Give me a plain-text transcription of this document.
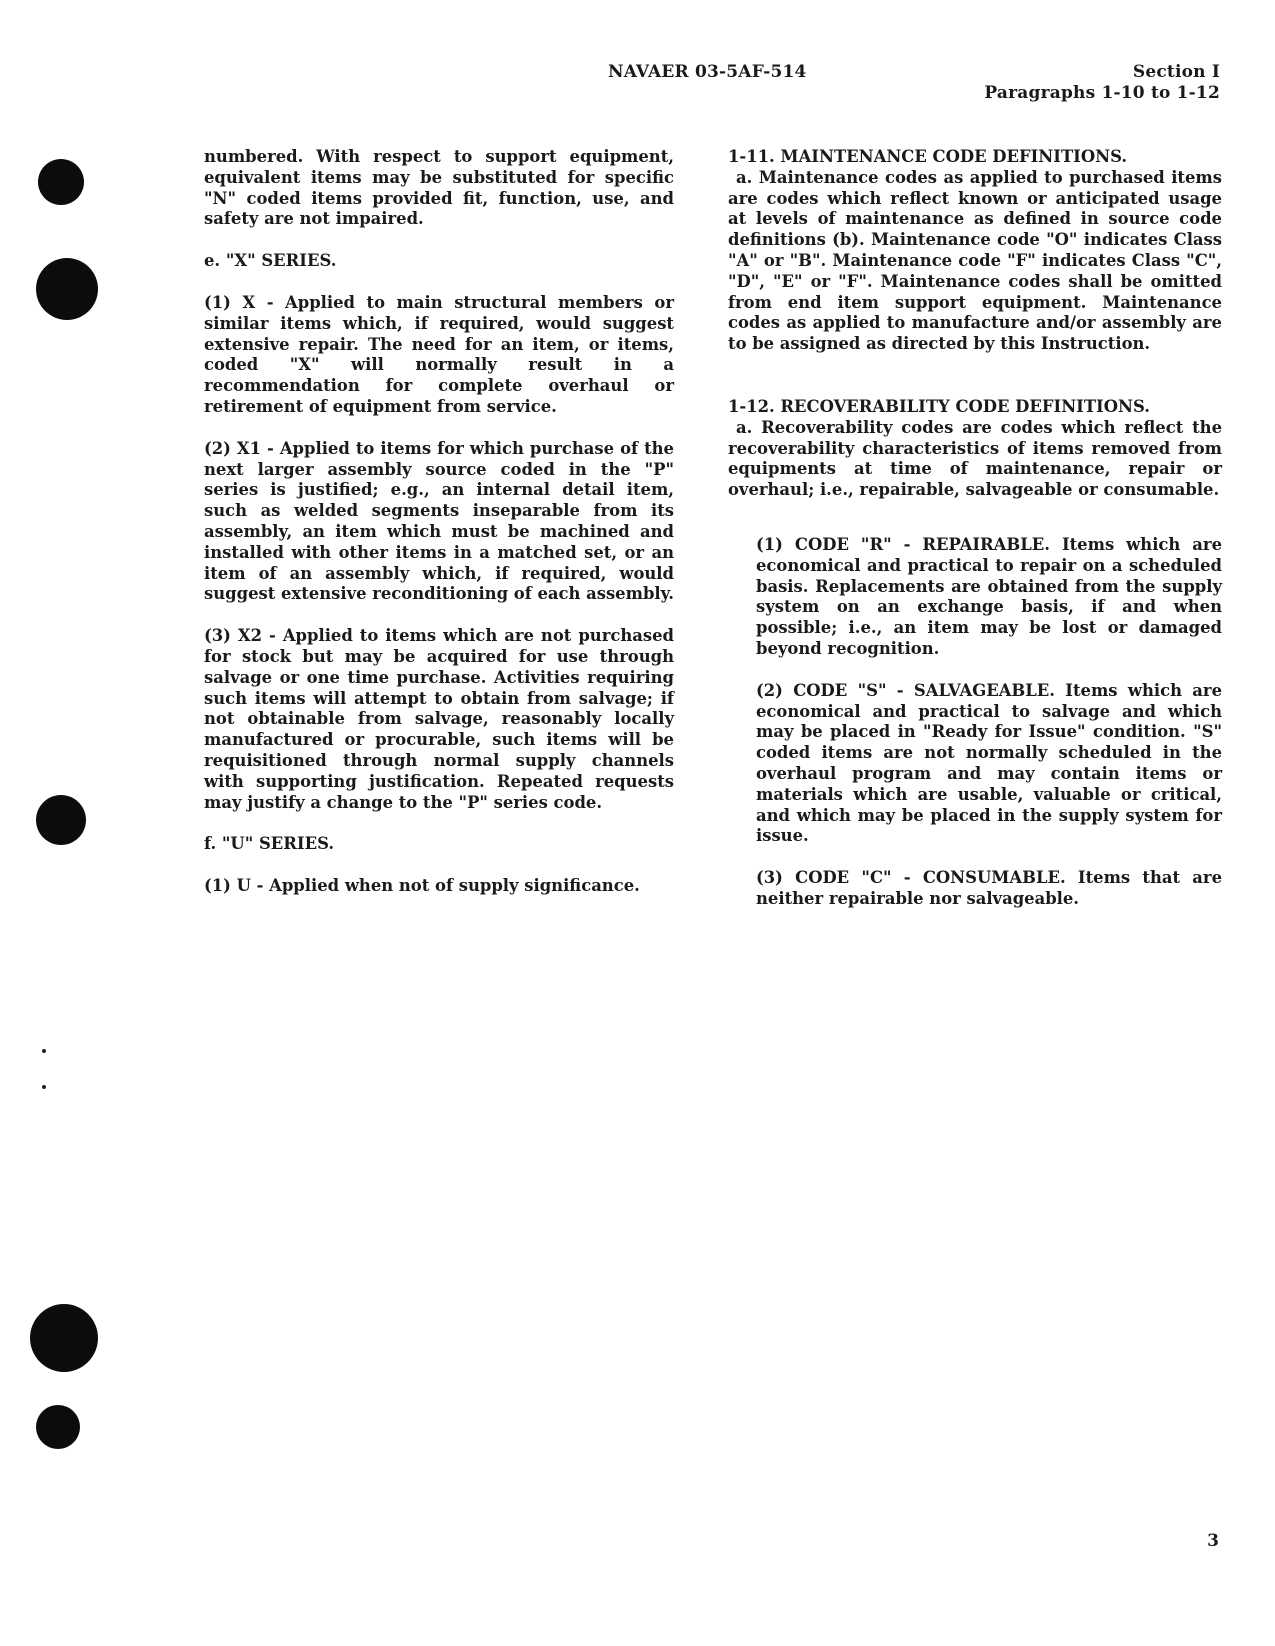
NAVAER 03-5AF-514	Section I
Paragraphs 1-10 to 1-12

numbered. With respect to support equipment, equivalent items may be substituted for specific "N" coded items provided fit, function, use, and safety are not impaired.

e. "X" SERIES.

(1) X - Applied to main structural members or similar items which, if required, would suggest extensive repair. The need for an item, or items, coded "X" will normally result in a recommendation for complete overhaul or retirement of equipment from service.

(2) X1 - Applied to items for which purchase of the next larger assembly source coded in the "P" series is justified; e.g., an internal detail item, such as welded segments inseparable from its assembly, an item which must be machined and installed with other items in a matched set, or an item of an assembly which, if required, would suggest extensive reconditioning of each assembly.

(3) X2 - Applied to items which are not purchased for stock but may be acquired for use through salvage or one time purchase. Activities requiring such items will attempt to obtain from salvage; if not obtainable from salvage, reasonably locally manufactured or procurable, such items will be requisitioned through normal supply channels with supporting justification. Repeated requests may justify a change to the "P" series code.

f. "U" SERIES.

(1) U - Applied when not of supply significance.

1-11. MAINTENANCE CODE DEFINITIONS.

a. Maintenance codes as applied to purchased items are codes which reflect known or anticipated usage at levels of maintenance as defined in source code definitions (b). Maintenance code "O" indicates Class "A" or "B". Maintenance code "F" indicates Class "C", "D", "E" or "F". Maintenance codes shall be omitted from end item support equipment. Maintenance codes as applied to manufacture and/or assembly are to be assigned as directed by this Instruction.

1-12. RECOVERABILITY CODE DEFINITIONS.

a. Recoverability codes are codes which reflect the recoverability characteristics of items removed from equipments at time of maintenance, repair or overhaul; i.e., repairable, salvageable or consumable.

(1) CODE "R" - REPAIRABLE. Items which are economical and practical to repair on a scheduled basis. Replacements are obtained from the supply system on an exchange basis, if and when possible; i.e., an item may be lost or damaged beyond recognition.

(2) CODE "S" - SALVAGEABLE. Items which are economical and practical to salvage and which may be placed in "Ready for Issue" condition. "S" coded items are not normally scheduled in the overhaul program and may contain items or materials which are usable, valuable or critical, and which may be placed in the supply system for issue.

(3) CODE "C" - CONSUMABLE. Items that are neither repairable nor salvageable.

3
